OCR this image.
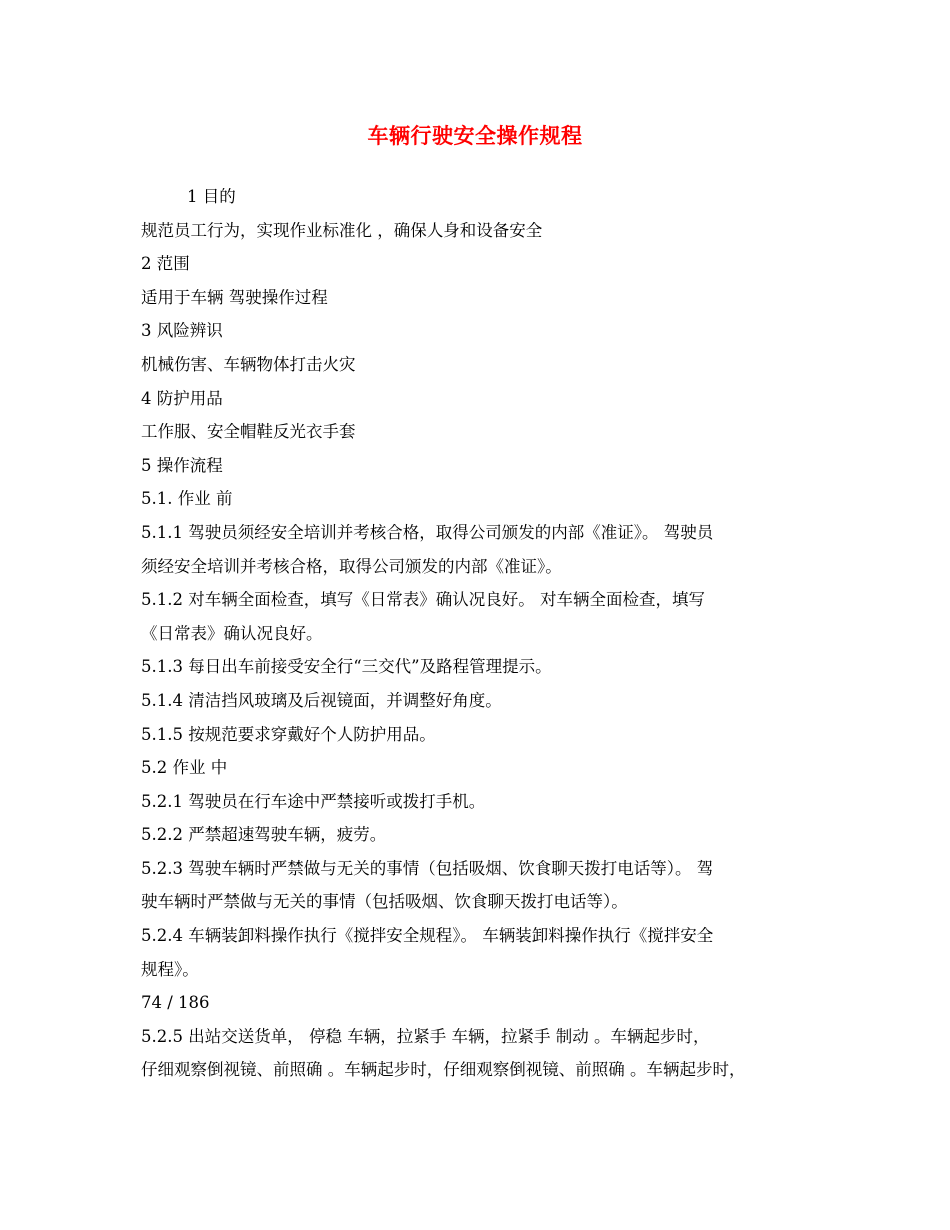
车辆行驶安全操作规程
1 目的
规范员工行为，实现作业标准化 ，确保人身和设备安全
2 范围
适用于车辆 驾驶操作过程
3 风险辨识
机械伤害、车辆物体打击火灾
4 防护用品
工作服、安全帽鞋反光衣手套
5 操作流程
5.1. 作业 前
5.1.1 驾驶员须经安全培训并考核合格，取得公司颁发的内部《准证》。 驾驶员
须经安全培训并考核合格，取得公司颁发的内部《准证》。
5.1.2 对车辆全面检查，填写《日常表》确认况良好。 对车辆全面检查，填写
《日常表》确认况良好。
5.1.3 每日出车前接受安全行“三交代”及路程管理提示。
5.1.4 清洁挡风玻璃及后视镜面，并调整好角度。
5.1.5 按规范要求穿戴好个人防护用品。
5.2 作业 中
5.2.1 驾驶员在行车途中严禁接听或拨打手机。
5.2.2 严禁超速驾驶车辆，疲劳。
5.2.3 驾驶车辆时严禁做与无关的事情（包括吸烟、饮食聊天拨打电话等）。 驾
驶车辆时严禁做与无关的事情（包括吸烟、饮食聊天拨打电话等）。
5.2.4 车辆装卸料操作执行《搅拌安全规程》。 车辆装卸料操作执行《搅拌安全
规程》。
74 / 186
5.2.5 出站交送货单， 停稳 车辆，拉紧手 车辆，拉紧手 制动 。车辆起步时，
仔细观察倒视镜、前照确 。车辆起步时，仔细观察倒视镜、前照确 。车辆起步时，
